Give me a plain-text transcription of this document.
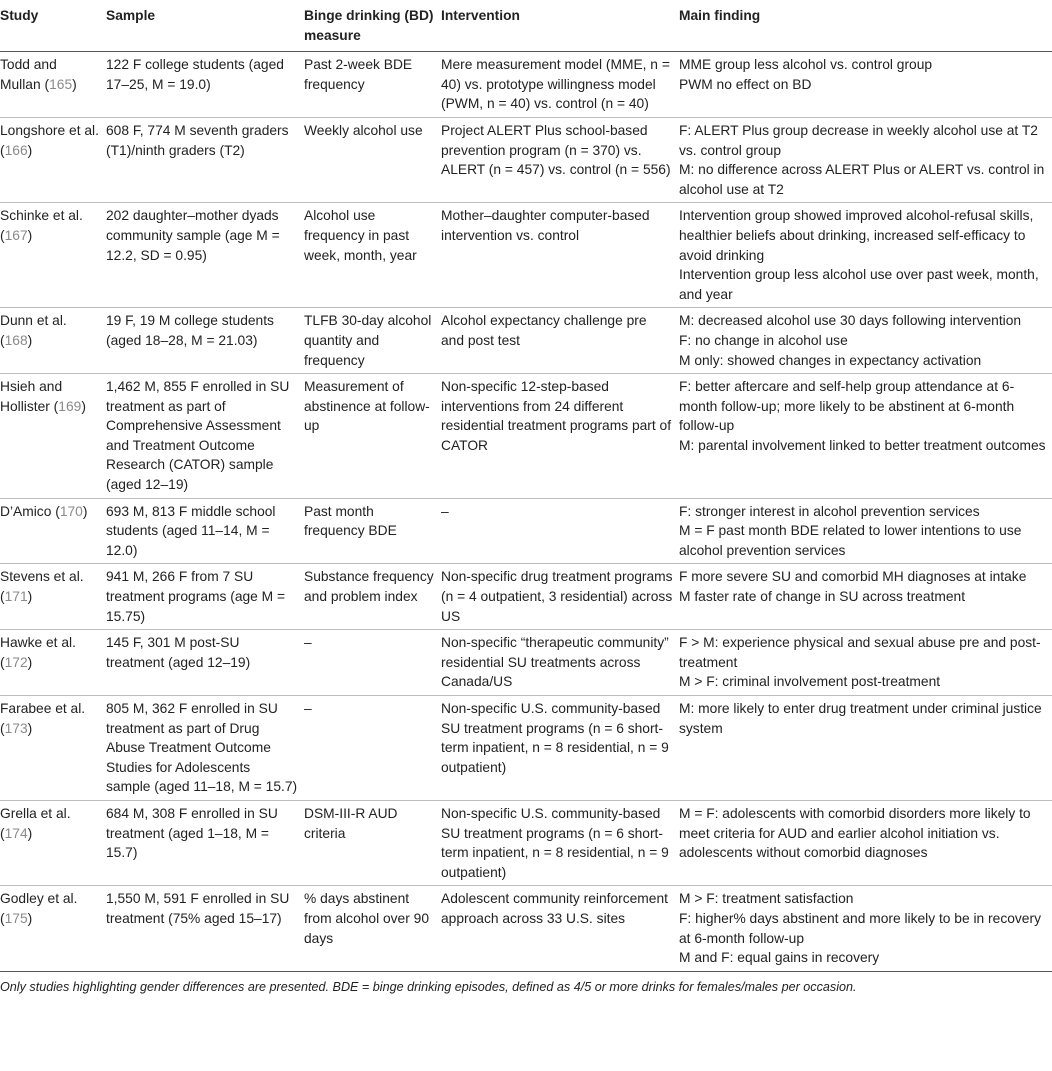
Study	Sample	Binge drinking (BD) measure	Intervention	Main finding
Todd and Mullan (165)	122 F college students (aged 17–25, M = 19.0)	Past 2-week BDE frequency	Mere measurement model (MME, n = 40) vs. prototype willingness model (PWM, n = 40) vs. control (n = 40)	MME group less alcohol vs. control group
PWM no effect on BD

Longshore et al. (166)	608 F, 774 M seventh graders (T1)/ninth graders (T2)	Weekly alcohol use	Project ALERT Plus school-based prevention program (n = 370) vs. ALERT (n = 457) vs. control (n = 556)	F: ALERT Plus group decrease in weekly alcohol use at T2 vs. control group
M: no difference across ALERT Plus or ALERT vs. control in alcohol use at T2

Schinke et al. (167)	202 daughter–mother dyads community sample (age M = 12.2, SD = 0.95)	Alcohol use frequency in past week, month, year	Mother–daughter computer-based intervention vs. control	Intervention group showed improved alcohol-refusal skills, healthier beliefs about drinking, increased self-efficacy to avoid drinking
Intervention group less alcohol use over past week, month, and year

Dunn et al. (168)	19 F, 19 M college students (aged 18–28, M = 21.03)	TLFB 30-day alcohol quantity and frequency	Alcohol expectancy challenge pre and post test	M: decreased alcohol use 30 days following intervention
F: no change in alcohol use
M only: showed changes in expectancy activation

Hsieh and Hollister (169)	1,462 M, 855 F enrolled in SU treatment as part of Comprehensive Assessment and Treatment Outcome Research (CATOR) sample (aged 12–19)	Measurement of abstinence at follow-up	Non-specific 12-step-based interventions from 24 different residential treatment programs part of CATOR	F: better aftercare and self-help group attendance at 6-month follow-up; more likely to be abstinent at 6-month follow-up
M: parental involvement linked to better treatment outcomes

D’Amico (170)	693 M, 813 F middle school students (aged 11–14, M = 12.0)	Past month frequency BDE	–	F: stronger interest in alcohol prevention services
M = F past month BDE related to lower intentions to use alcohol prevention services

Stevens et al. (171)	941 M, 266 F from 7 SU treatment programs (age M = 15.75)	Substance frequency and problem index	Non-specific drug treatment programs (n = 4 outpatient, 3 residential) across US	F more severe SU and comorbid MH diagnoses at intake
M faster rate of change in SU across treatment

Hawke et al. (172)	145 F, 301 M post-SU treatment (aged 12–19)	–	Non-specific “therapeutic community” residential SU treatments across Canada/US	F > M: experience physical and sexual abuse pre and post-treatment
M > F: criminal involvement post-treatment

Farabee et al. (173)	805 M, 362 F enrolled in SU treatment as part of Drug Abuse Treatment Outcome Studies for Adolescents sample (aged 11–18, M = 15.7)	–	Non-specific U.S. community-based SU treatment programs (n = 6 short-term inpatient, n = 8 residential, n = 9 outpatient)	M: more likely to enter drug treatment under criminal justice system

Grella et al. (174)	684 M, 308 F enrolled in SU treatment (aged 1–18, M = 15.7)	DSM-III-R AUD criteria	Non-specific U.S. community-based SU treatment programs (n = 6 short-term inpatient, n = 8 residential, n = 9 outpatient)	M = F: adolescents with comorbid disorders more likely to meet criteria for AUD and earlier alcohol initiation vs. adolescents without comorbid diagnoses

Godley et al. (175)	1,550 M, 591 F enrolled in SU treatment (75% aged 15–17)	% days abstinent from alcohol over 90 days	Adolescent community reinforcement approach across 33 U.S. sites	M > F: treatment satisfaction
F: higher% days abstinent and more likely to be in recovery at 6-month follow-up
M and F: equal gains in recovery
Only studies highlighting gender differences are presented. BDE = binge drinking episodes, defined as 4/5 or more drinks for females/males per occasion.
